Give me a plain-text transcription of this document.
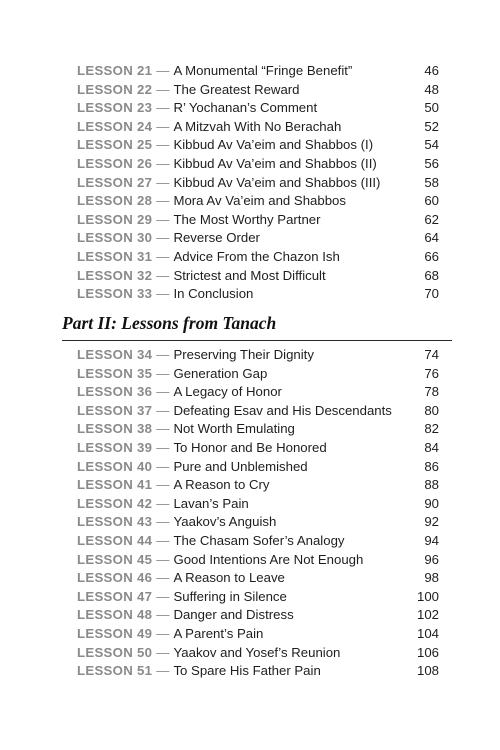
LESSON 21 — A Monumental “Fringe Benefit”	46
LESSON 22 — The Greatest Reward	48
LESSON 23 — R’ Yochanan’s Comment	50
LESSON 24 — A Mitzvah With No Berachah	52
LESSON 25 — Kibbud Av Va’eim and Shabbos (I)	54
LESSON 26 — Kibbud Av Va’eim and Shabbos (II)	56
LESSON 27 — Kibbud Av Va’eim and Shabbos (III)	58
LESSON 28 — Mora Av Va’eim and Shabbos	60
LESSON 29 — The Most Worthy Partner	62
LESSON 30 — Reverse Order	64
LESSON 31 — Advice From the Chazon Ish	66
LESSON 32 — Strictest and Most Difficult	68
LESSON 33 — In Conclusion	70
Part II: Lessons from Tanach
LESSON 34 — Preserving Their Dignity	74
LESSON 35 — Generation Gap	76
LESSON 36 — A Legacy of Honor	78
LESSON 37 — Defeating Esav and His Descendants	80
LESSON 38 — Not Worth Emulating	82
LESSON 39 — To Honor and Be Honored	84
LESSON 40 — Pure and Unblemished	86
LESSON 41 — A Reason to Cry	88
LESSON 42 — Lavan’s Pain	90
LESSON 43 — Yaakov’s Anguish	92
LESSON 44 — The Chasam Sofer’s Analogy	94
LESSON 45 — Good Intentions Are Not Enough	96
LESSON 46 — A Reason to Leave	98
LESSON 47 — Suffering in Silence	100
LESSON 48 — Danger and Distress	102
LESSON 49 — A Parent’s Pain	104
LESSON 50 — Yaakov and Yosef’s Reunion	106
LESSON 51 — To Spare His Father Pain	108
